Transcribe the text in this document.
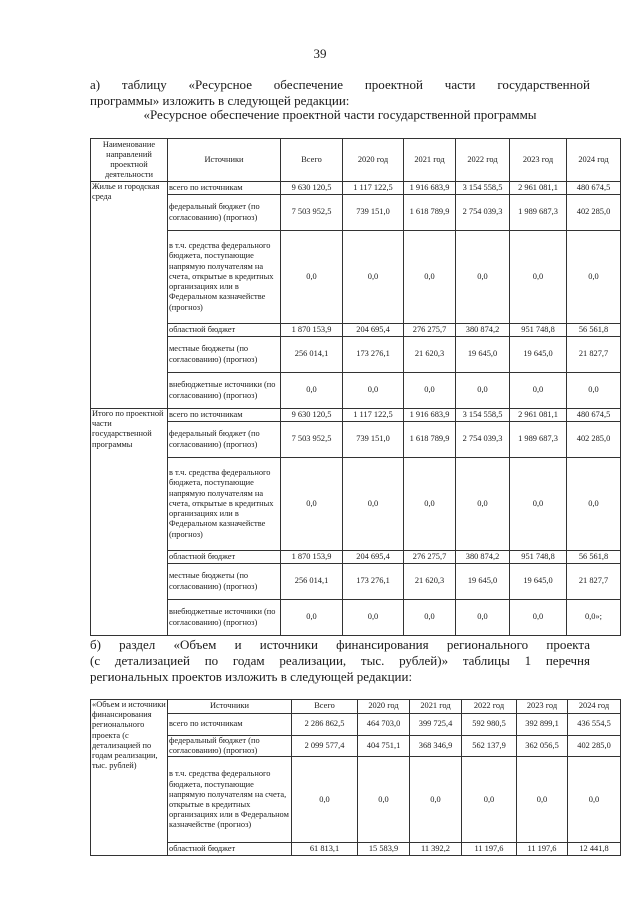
39
а) таблицу «Ресурсное обеспечение проектной части государственной
программы» изложить в следующей редакции:
«Ресурсное обеспечение проектной части государственной программы
Наименование направлений проектной деятельности	Источники	Всего	2020 год	2021 год	2022 год	2023 год	2024 год
Жилье и городская среда	всего по источникам	9 630 120,5	1 117 122,5	1 916 683,9	3 154 558,5	2 961 081,1	480 674,5
	федеральный бюджет (по согласованию) (прогноз)	7 503 952,5	739 151,0	1 618 789,9	2 754 039,3	1 989 687,3	402 285,0
	в т.ч. средства федерального бюджета, поступающие напрямую получателям на счета, открытые в кредитных организациях или в Федеральном казначействе (прогноз)	0,0	0,0	0,0	0,0	0,0	0,0
	областной бюджет	1 870 153,9	204 695,4	276 275,7	380 874,2	951 748,8	56 561,8
	местные бюджеты (по согласованию) (прогноз)	256 014,1	173 276,1	21 620,3	19 645,0	19 645,0	21 827,7
	внебюджетные источники (по согласованию) (прогноз)	0,0	0,0	0,0	0,0	0,0	0,0
Итого по проектной части государственной программы	всего по источникам	9 630 120,5	1 117 122,5	1 916 683,9	3 154 558,5	2 961 081,1	480 674,5
	федеральный бюджет (по согласованию) (прогноз)	7 503 952,5	739 151,0	1 618 789,9	2 754 039,3	1 989 687,3	402 285,0
	в т.ч. средства федерального бюджета, поступающие напрямую получателям на счета, открытые в кредитных организациях или в Федеральном казначействе (прогноз)	0,0	0,0	0,0	0,0	0,0	0,0
	областной бюджет	1 870 153,9	204 695,4	276 275,7	380 874,2	951 748,8	56 561,8
	местные бюджеты (по согласованию) (прогноз)	256 014,1	173 276,1	21 620,3	19 645,0	19 645,0	21 827,7
	внебюджетные источники (по согласованию) (прогноз)	0,0	0,0	0,0	0,0	0,0	0,0»;
б) раздел «Объем и источники финансирования регионального проекта
(с детализацией по годам реализации, тыс. рублей)» таблицы 1 перечня
региональных проектов изложить в следующей редакции:
«Объем и источники финансирования регионального проекта (с детализацией по годам реализации, тыс. рублей)	Источники	Всего	2020 год	2021 год	2022 год	2023 год	2024 год
	всего по источникам	2 286 862,5	464 703,0	399 725,4	592 980,5	392 899,1	436 554,5
	федеральный бюджет (по согласованию) (прогноз)	2 099 577,4	404 751,1	368 346,9	562 137,9	362 056,5	402 285,0
	в т.ч. средства федерального бюджета, поступающие напрямую получателям на счета, открытые в кредитных организациях или в Федеральном казначействе (прогноз)	0,0	0,0	0,0	0,0	0,0	0,0
	областной бюджет	61 813,1	15 583,9	11 392,2	11 197,6	11 197,6	12 441,8
